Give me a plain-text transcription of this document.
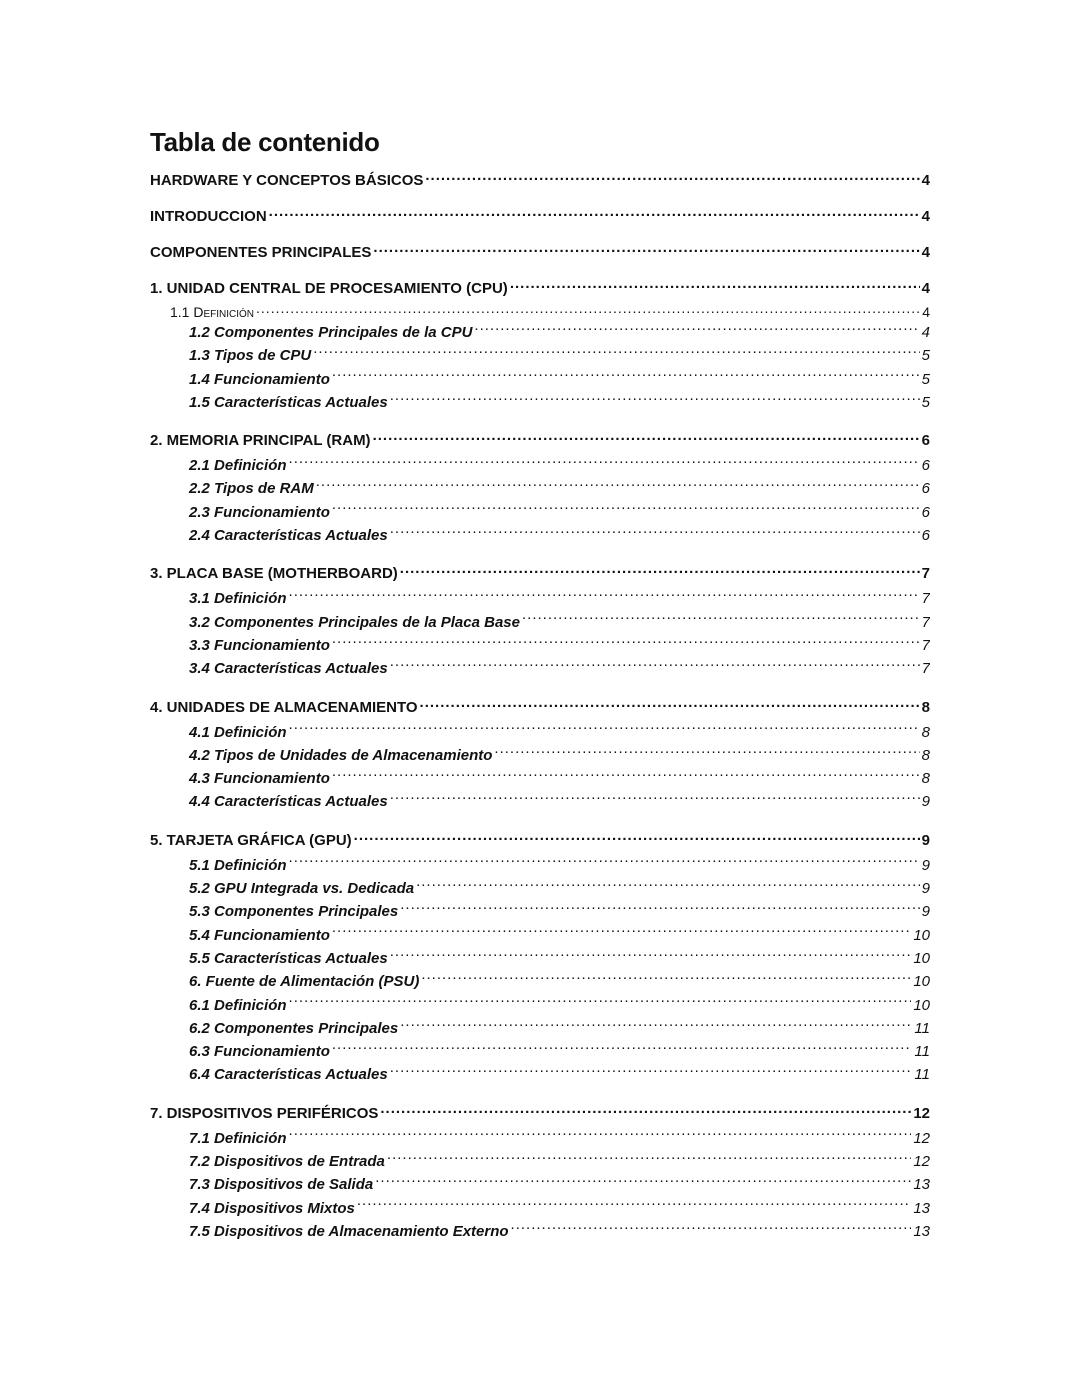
Tabla de contenido
HARDWARE Y CONCEPTOS BÁSICOS .....	4
INTRODUCCION .....	4
COMPONENTES PRINCIPALES .....	4
1. UNIDAD CENTRAL DE PROCESAMIENTO (CPU) .....	4
1.1 Definición .....	4
1.2 Componentes Principales de la CPU .....	4
1.3 Tipos de CPU .....	5
1.4 Funcionamiento .....	5
1.5 Características Actuales .....	5
2. MEMORIA PRINCIPAL (RAM) .....	6
2.1 Definición .....	6
2.2 Tipos de RAM .....	6
2.3 Funcionamiento .....	6
2.4 Características Actuales .....	6
3. PLACA BASE (MOTHERBOARD) .....	7
3.1 Definición .....	7
3.2 Componentes Principales de la Placa Base .....	7
3.3 Funcionamiento .....	7
3.4 Características Actuales .....	7
4. UNIDADES DE ALMACENAMIENTO .....	8
4.1 Definición .....	8
4.2 Tipos de Unidades de Almacenamiento .....	8
4.3 Funcionamiento .....	8
4.4 Características Actuales .....	9
5. TARJETA GRÁFICA (GPU) .....	9
5.1 Definición .....	9
5.2 GPU Integrada vs. Dedicada .....	9
5.3 Componentes Principales .....	9
5.4 Funcionamiento .....	10
5.5 Características Actuales .....	10
6. Fuente de Alimentación (PSU) .....	10
6.1 Definición .....	10
6.2 Componentes Principales .....	11
6.3 Funcionamiento .....	11
6.4 Características Actuales .....	11
7. DISPOSITIVOS PERIFÉRICOS .....	12
7.1 Definición .....	12
7.2 Dispositivos de Entrada .....	12
7.3 Dispositivos de Salida .....	13
7.4 Dispositivos Mixtos .....	13
7.5 Dispositivos de Almacenamiento Externo .....	13
